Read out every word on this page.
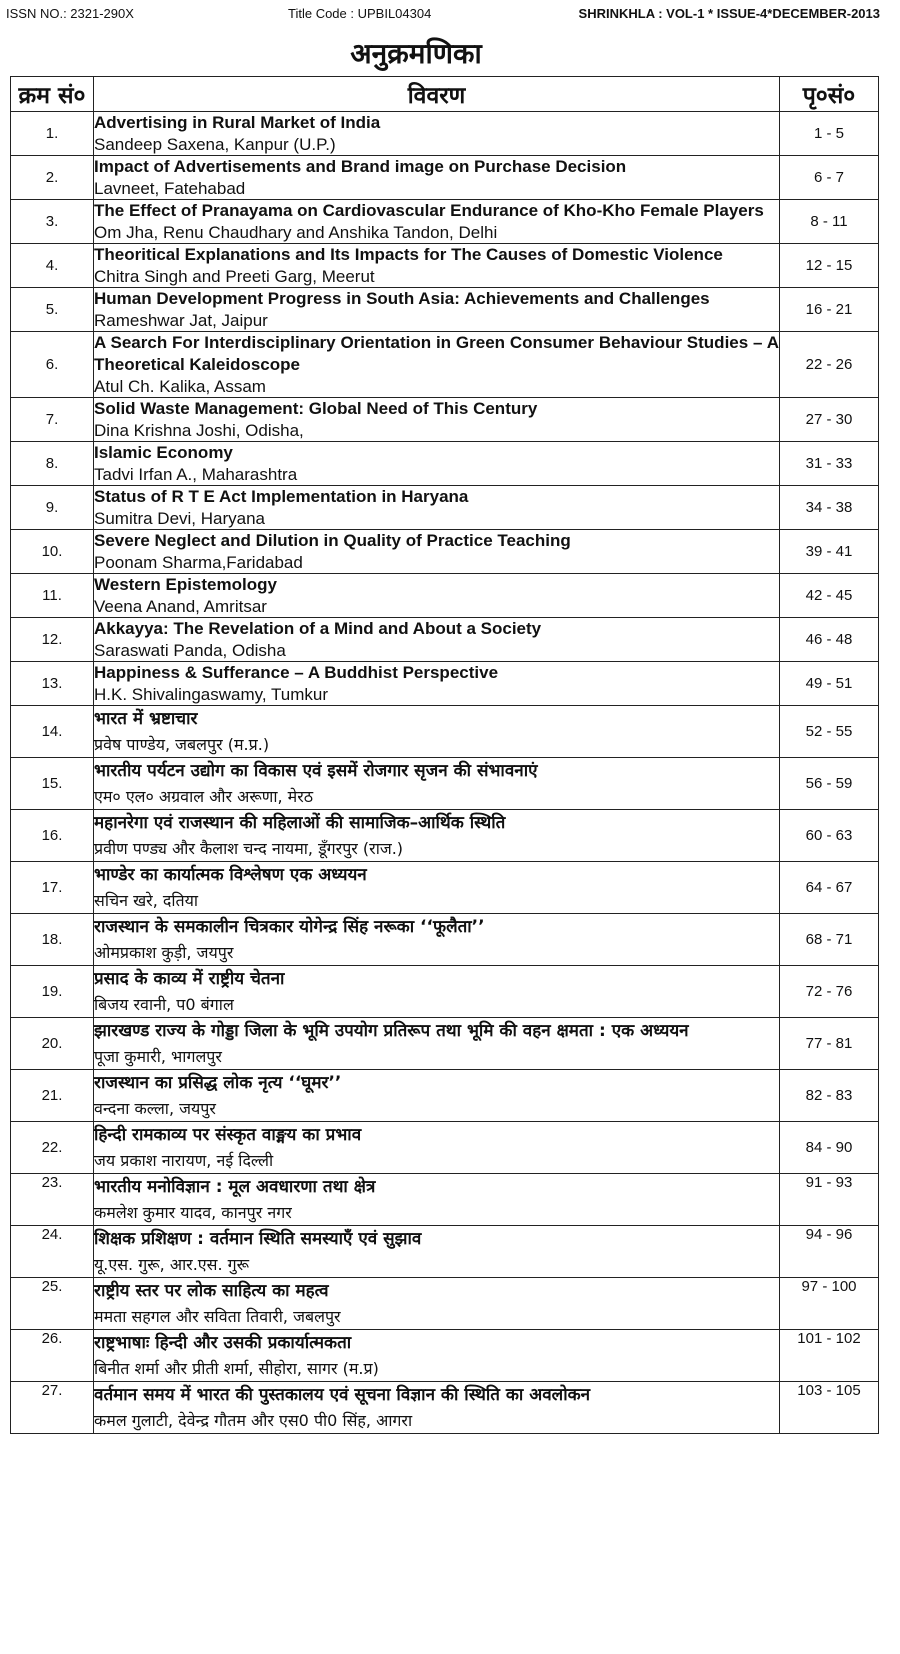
ISSN NO.: 2321-290X	Title Code : UPBIL04304	SHRINKHLA : VOL-1 * ISSUE-4*DECEMBER-2013
अनुक्रमणिका
क्रम सं०	विवरण	पृ०सं०
1.	Advertising in Rural Market of India
Sandeep Saxena, Kanpur (U.P.)	1 - 5
2.	Impact of Advertisements and Brand image on Purchase Decision
Lavneet, Fatehabad	6 - 7
3.	The Effect of Pranayama on Cardiovascular Endurance of Kho-Kho Female Players
Om Jha, Renu Chaudhary and Anshika Tandon, Delhi	8 - 11
4.	Theoritical Explanations and Its Impacts for The Causes of Domestic Violence
Chitra Singh and Preeti Garg, Meerut	12 - 15
5.	Human Development Progress in South Asia: Achievements and Challenges
Rameshwar Jat, Jaipur	16 - 21
6.	A Search For Interdisciplinary Orientation in Green Consumer Behaviour Studies – A Theoretical Kaleidoscope
Atul Ch. Kalika, Assam	22 - 26
7.	Solid Waste Management: Global Need of This Century
Dina Krishna Joshi, Odisha,	27 - 30
8.	Islamic Economy
Tadvi Irfan A., Maharashtra	31 - 33
9.	Status of R T E Act Implementation in Haryana
Sumitra Devi, Haryana	34 - 38
10.	Severe Neglect and Dilution in Quality of Practice Teaching
Poonam Sharma,Faridabad	39 - 41
11.	Western Epistemology
Veena Anand, Amritsar	42 - 45
12.	Akkayya: The Revelation of a Mind and About a Society
Saraswati Panda, Odisha	46 - 48
13.	Happiness & Sufferance – A Buddhist Perspective
H.K. Shivalingaswamy, Tumkur	49 - 51
14.	भारत में भ्रष्टाचार
प्रवेष पाण्डेय, जबलपुर (म.प्र.)	52 - 55
15.	भारतीय पर्यटन उद्योग का विकास एवं इसमें रोजगार सृजन की संभावनाएं
एम० एल० अग्रवाल और अरूणा, मेरठ	56 - 59
16.	महानरेगा एवं राजस्थान की महिलाओं की सामाजिक–आर्थिक स्थिति
प्रवीण पण्ड्य और कैलाश चन्द नायमा, डूँगरपुर (राज.)	60 - 63
17.	भाण्डेर का कार्यात्मक विश्लेषण एक अध्ययन
सचिन खरे, दतिया	64 - 67
18.	राजस्थान के समकालीन चित्रकार योगेन्द्र सिंह नरूका ‘‘फूलैता’’
ओमप्रकाश कुड़ी, जयपुर	68 - 71
19.	प्रसाद के काव्य में राष्ट्रीय चेतना
बिजय रवानी, प0 बंगाल	72 - 76
20.	झारखण्ड राज्य के गोड्डा जिला के भूमि उपयोग प्रतिरूप तथा भूमि की वहन क्षमता : एक अध्ययन
पूजा कुमारी, भागलपुर	77 - 81
21.	राजस्थान का प्रसिद्ध लोक नृत्य ‘‘घूमर’’
वन्दना कल्ला, जयपुर	82 - 83
22.	हिन्दी रामकाव्य पर संस्कृत वाङ्मय का प्रभाव
जय प्रकाश नारायण, नई दिल्ली	84 - 90
23.	भारतीय मनोविज्ञान : मूल अवधारणा तथा क्षेत्र
कमलेश कुमार यादव, कानपुर नगर	91 - 93
24.	शिक्षक प्रशिक्षण : वर्तमान स्थिति समस्याएँ एवं सुझाव
यू.एस. गुरू, आर.एस. गुरू	94 - 96
25.	राष्ट्रीय स्तर पर लोक साहित्य का महत्व
ममता सहगल और सविता तिवारी, जबलपुर	97 - 100
26.	राष्ट्रभाषाः हिन्दी और उसकी प्रकार्यात्मकता
बिनीत शर्मा और प्रीती शर्मा, सीहोरा, सागर (म.प्र)	101 - 102
27.	वर्तमान समय में भारत की पुस्तकालय एवं सूचना विज्ञान की स्थिति का अवलोकन
कमल गुलाटी, देवेन्द्र गौतम और एस0 पी0 सिंह, आगरा	103 - 105
